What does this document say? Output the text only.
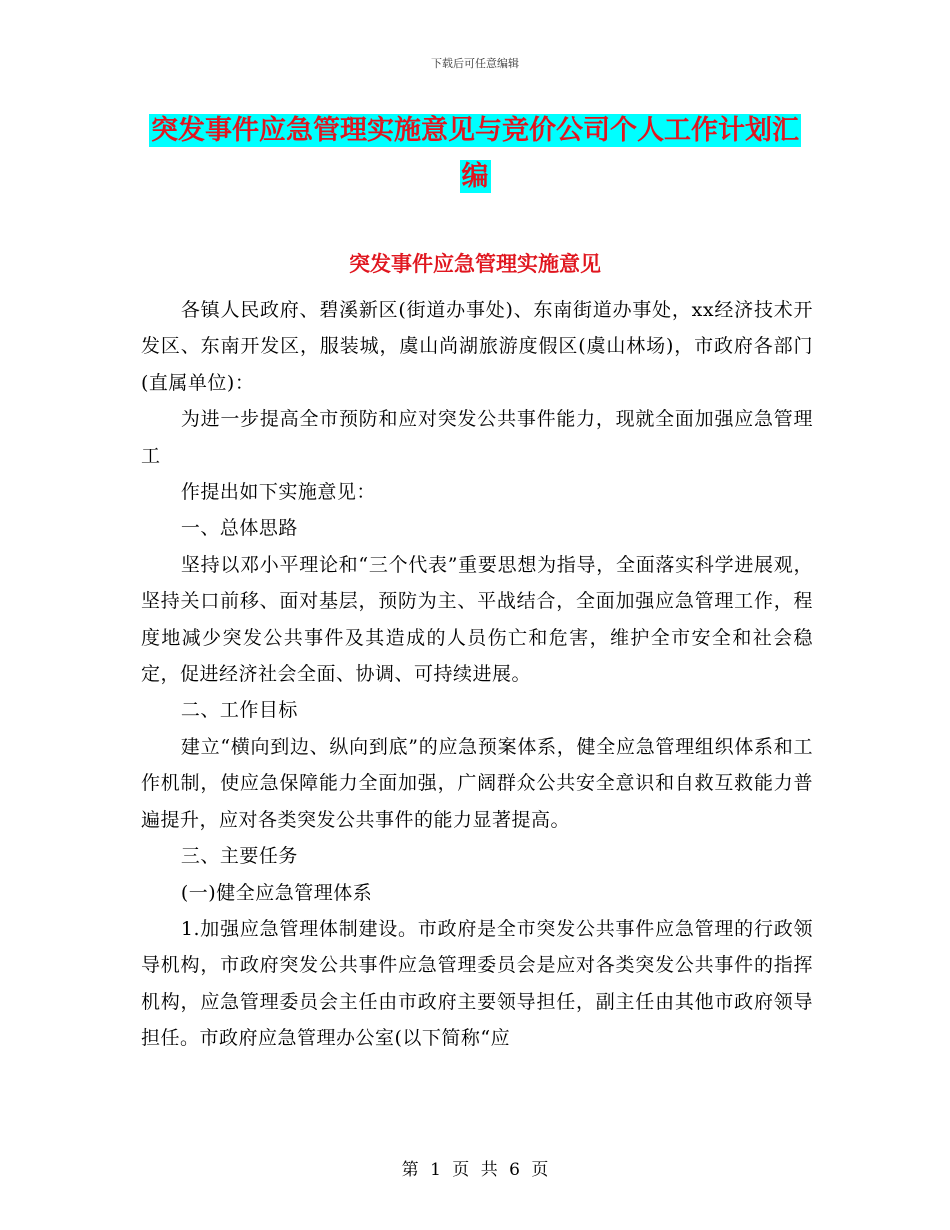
下载后可任意编辑
突发事件应急管理实施意见与竞价公司个人工作计划汇编
突发事件应急管理实施意见

各镇人民政府、碧溪新区(街道办事处)、东南街道办事处，xx经济技术开发区、东南开发区，服装城，虞山尚湖旅游度假区(虞山林场)，市政府各部门(直属单位)：

为进一步提高全市预防和应对突发公共事件能力，现就全面加强应急管理工

作提出如下实施意见：

一、总体思路

坚持以邓小平理论和“三个代表”重要思想为指导，全面落实科学进展观，坚持关口前移、面对基层，预防为主、平战结合，全面加强应急管理工作，程度地减少突发公共事件及其造成的人员伤亡和危害，维护全市安全和社会稳定，促进经济社会全面、协调、可持续进展。

二、工作目标

建立“横向到边、纵向到底”的应急预案体系，健全应急管理组织体系和工作机制，使应急保障能力全面加强，广阔群众公共安全意识和自救互救能力普遍提升，应对各类突发公共事件的能力显著提高。

三、主要任务

(一)健全应急管理体系

1.加强应急管理体制建设。市政府是全市突发公共事件应急管理的行政领导机构，市政府突发公共事件应急管理委员会是应对各类突发公共事件的指挥机构，应急管理委员会主任由市政府主要领导担任，副主任由其他市政府领导担任。市政府应急管理办公室(以下简称“应

第 1 页 共 6 页
